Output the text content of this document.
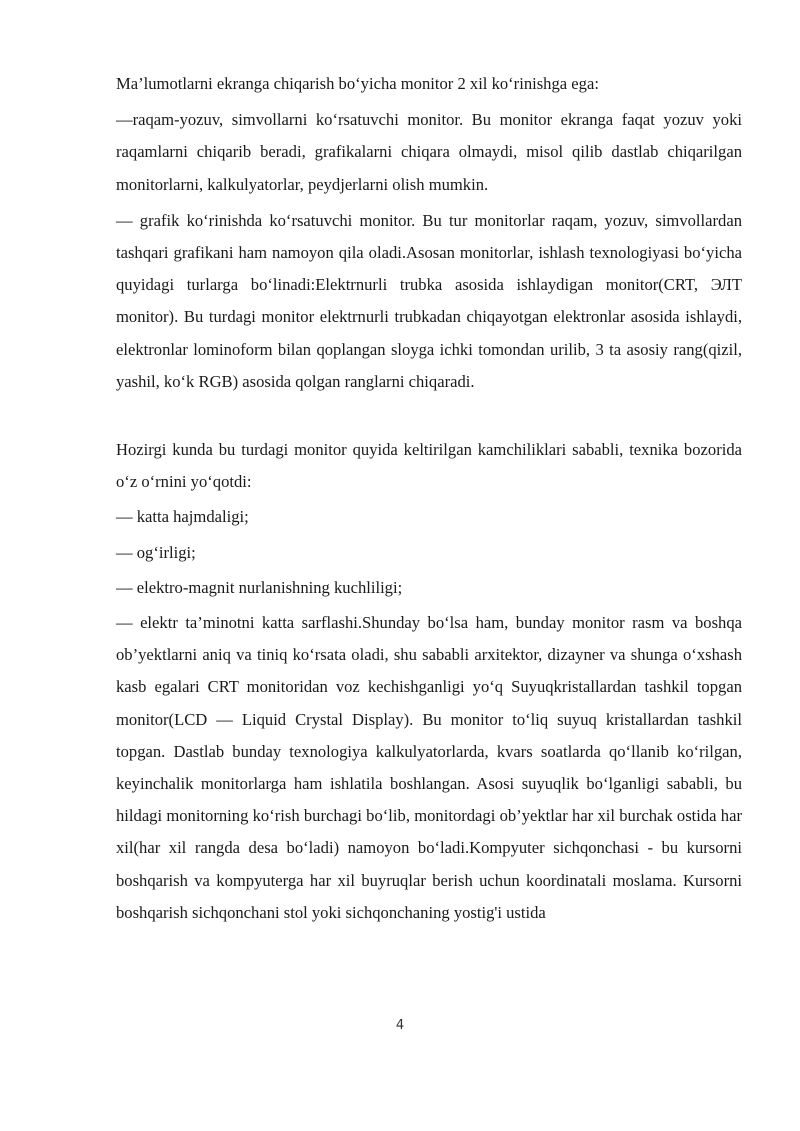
Ma’lumotlarni ekranga chiqarish bo‘yicha monitor 2 xil ko‘rinishga ega:

—raqam-yozuv, simvollarni ko‘rsatuvchi monitor. Bu monitor ekranga faqat yozuv yoki raqamlarni chiqarib beradi, grafikalarni chiqara olmaydi, misol qilib dastlab chiqarilgan monitorlarni, kalkulyatorlar, peydjerlarni olish mumkin.

— grafik ko‘rinishda ko‘rsatuvchi monitor. Bu tur monitorlar raqam, yozuv, simvollardan tashqari grafikani ham namoyon qila oladi.Asosan monitorlar, ishlash texnologiyasi bo‘yicha quyidagi turlarga bo‘linadi:Elektrnurli trubka asosida ishlaydigan monitor(CRT, ЭЛТ monitor). Bu turdagi monitor elektrnurli trubkadan chiqayotgan elektronlar asosida ishlaydi, elektronlar lominoform bilan qoplangan sloyga ichki tomondan urilib, 3 ta asosiy rang(qizil, yashil, ko‘k RGB) asosida qolgan ranglarni chiqaradi.

Hozirgi kunda bu turdagi monitor quyida keltirilgan kamchiliklari sababli, texnika bozorida o‘z o‘rnini yo‘qotdi:

— katta hajmdaligi;

— og‘irligi;

— elektro-magnit nurlanishning kuchliligi;

— elektr ta’minotni katta sarflashi.Shunday bo‘lsa ham, bunday monitor rasm va boshqa ob’yektlarni aniq va tiniq ko‘rsata oladi, shu sababli arxitektor, dizayner va shunga o‘xshash kasb egalari CRT monitoridan voz kechishganligi yo‘q Suyuqkristallardan tashkil topgan monitor(LCD — Liquid Crystal Display). Bu monitor to‘liq suyuq kristallardan tashkil topgan. Dastlab bunday texnologiya kalkulyatorlarda, kvars soatlarda qo‘llanib ko‘rilgan, keyinchalik monitorlarga ham ishlatila boshlangan. Asosi suyuqlik bo‘lganligi sababli, bu hildagi monitorning ko‘rish burchagi bo‘lib, monitordagi ob’yektlar har xil burchak ostida har xil(har xil rangda desa bo‘ladi) namoyon bo‘ladi.Kompyuter sichqonchasi - bu kursorni boshqarish va kompyuterga har xil buyruqlar berish uchun koordinatali moslama. Kursorni boshqarish sichqonchani stol yoki sichqonchaning yostig'i ustida

4
